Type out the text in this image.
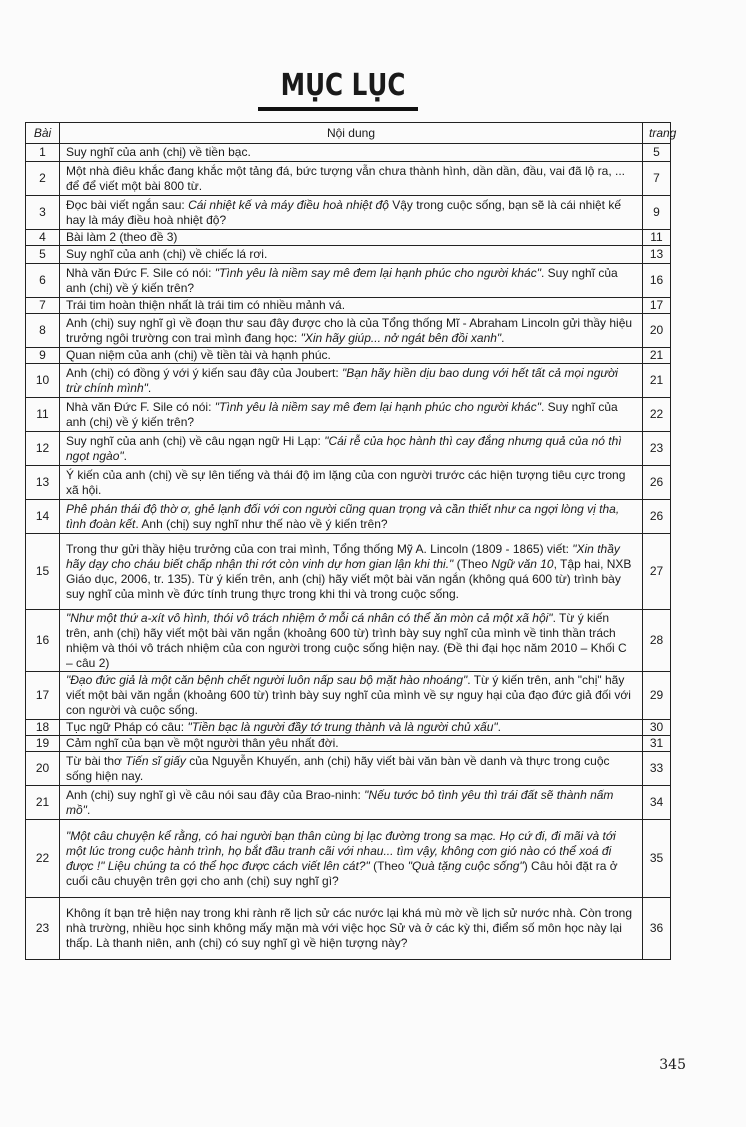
MỤC LỤC
Bài	Nội dung	trang
1	Suy nghĩ của anh (chị) về tiền bạc.	5
2	Một nhà điêu khắc đang khắc một tảng đá, bức tượng vẫn chưa thành hình, dần dần, đầu, vai đã lộ ra, ... để để viết một bài 800 từ.	7
3	Đọc bài viết ngắn sau: Cái nhiệt kế và máy điều hoà nhiệt độ Vậy trong cuộc sống, bạn sẽ là cái nhiệt kế hay là máy điều hoà nhiệt độ?	9
4	Bài làm 2 (theo đề 3)	11
5	Suy nghĩ của anh (chị) về chiếc lá rơi.	13
6	Nhà văn Đức F. Sile có nói: "Tình yêu là niềm say mê đem lại hạnh phúc cho người khác". Suy nghĩ của anh (chị) về ý kiến trên?	16
7	Trái tim hoàn thiện nhất là trái tim có nhiều mảnh vá.	17
8	Anh (chị) suy nghĩ gì về đoạn thư sau đây được cho là của Tổng thống Mĩ - Abraham Lincoln gửi thầy hiệu trưởng ngôi trường con trai mình đang học: "Xin hãy giúp... nở ngát bên đồi xanh".	20
9	Quan niệm của anh (chị) về tiền tài và hạnh phúc.	21
10	Anh (chị) có đồng ý với ý kiến sau đây của Joubert: "Bạn hãy hiền dịu bao dung với hết tất cả mọi người trừ chính mình".	21
11	Nhà văn Đức F. Sile có nói: "Tình yêu là niềm say mê đem lại hạnh phúc cho người khác". Suy nghĩ của anh (chị) về ý kiến trên?	22
12	Suy nghĩ của anh (chị) về câu ngạn ngữ Hi Lạp: "Cái rễ của học hành thì cay đắng nhưng quả của nó thì ngọt ngào".	23
13	Ý kiến của anh (chị) về sự lên tiếng và thái độ im lặng của con người trước các hiện tượng tiêu cực trong xã hội.	26
14	Phê phán thái độ thờ ơ, ghẻ lạnh đối với con người cũng quan trọng và cần thiết như ca ngợi lòng vị tha, tình đoàn kết. Anh (chị) suy nghĩ như thế nào về ý kiến trên?	26
15	Trong thư gửi thầy hiệu trưởng của con trai mình, Tổng thống Mỹ A. Lincoln (1809 - 1865) viết: "Xin thầy hãy dạy cho cháu biết chấp nhận thi rớt còn vinh dự hơn gian lận khi thi." (Theo Ngữ văn 10, Tập hai, NXB Giáo dục, 2006, tr. 135). Từ ý kiến trên, anh (chị) hãy viết một bài văn ngắn (không quá 600 từ) trình bày suy nghĩ của mình về đức tính trung thực trong khi thi và trong cuộc sống.	27
16	"Như một thứ a-xít vô hình, thói vô trách nhiệm ở mỗi cá nhân có thể ăn mòn cả một xã hội". Từ ý kiến trên, anh (chị) hãy viết một bài văn ngắn (khoảng 600 từ) trình bày suy nghĩ của mình về tinh thần trách nhiệm và thói vô trách nhiệm của con người trong cuộc sống hiện nay. (Đề thi đại học năm 2010 – Khối C – câu 2)	28
17	"Đạo đức giả là một căn bệnh chết người luôn nấp sau bộ mặt hào nhoáng". Từ ý kiến trên, anh "chị" hãy viết một bài văn ngắn (khoảng 600 từ) trình bày suy nghĩ của mình về sự nguy hại của đạo đức giả đối với con người và cuộc sống.	29
18	Tục ngữ Pháp có câu: "Tiền bạc là người đầy tớ trung thành và là người chủ xấu".	30
19	Cảm nghĩ của bạn về một người thân yêu nhất đời.	31
20	Từ bài thơ Tiến sĩ giấy của Nguyễn Khuyến, anh (chị) hãy viết bài văn bàn về danh và thực trong cuộc sống hiện nay.	33
21	Anh (chị) suy nghĩ gì về câu nói sau đây của Brao-ninh: "Nếu tước bỏ tình yêu thì trái đất sẽ thành nấm mồ".	34
22	"Một câu chuyện kể rằng, có hai người bạn thân cùng bị lạc đường trong sa mạc. Họ cứ đi, đi mãi và tới một lúc trong cuộc hành trình, họ bắt đầu tranh cãi với nhau... tìm vậy, không cơn gió nào có thể xoá đi được !" Liệu chúng ta có thể học được cách viết lên cát?" (Theo "Quà tặng cuộc sống") Câu hỏi đặt ra ở cuối câu chuyện trên gợi cho anh (chị) suy nghĩ gì?	35
23	Không ít bạn trẻ hiện nay trong khi rành rẽ lịch sử các nước lại khá mù mờ về lịch sử nước nhà. Còn trong nhà trường, nhiều học sinh không mấy mặn mà với việc học Sử và ở các kỳ thi, điểm số môn học này lại thấp. Là thanh niên, anh (chị) có suy nghĩ gì về hiện tượng này?	36
345
